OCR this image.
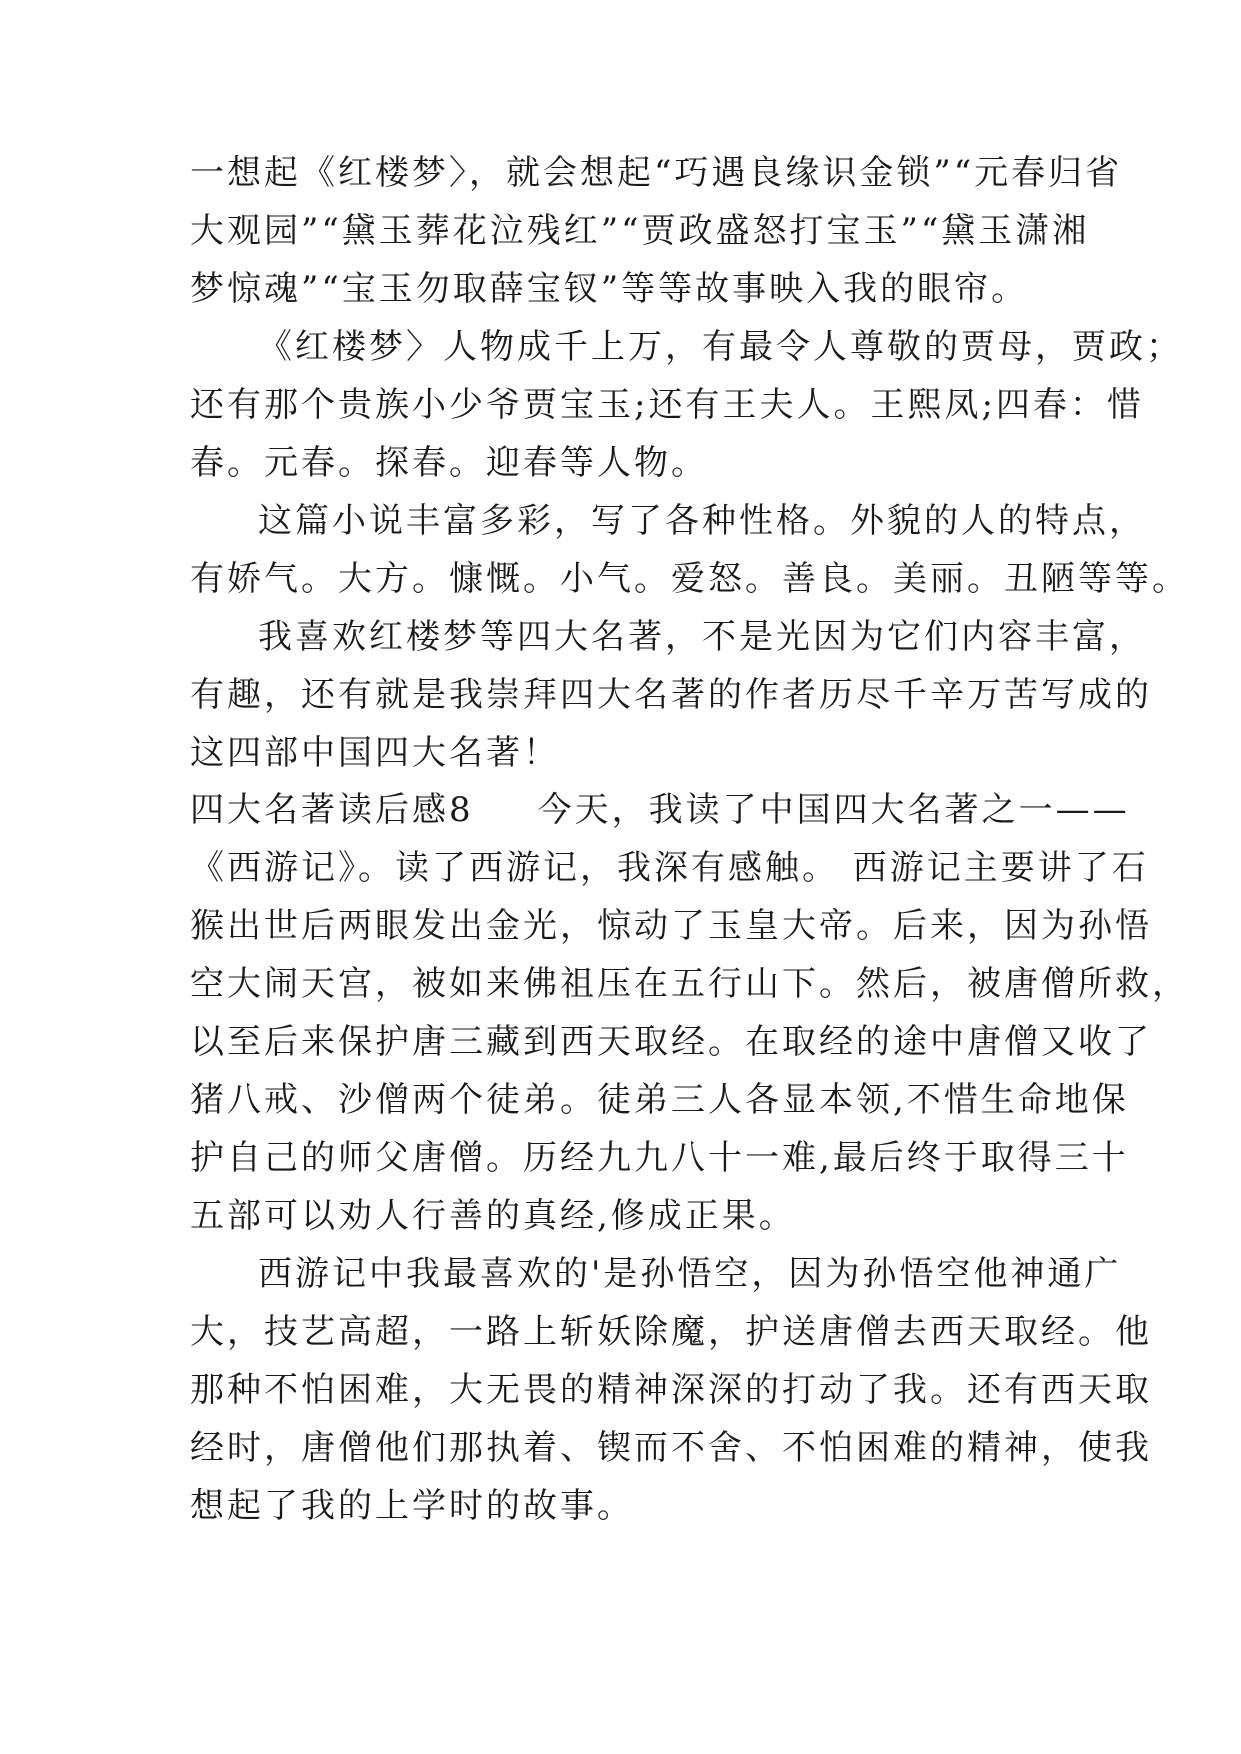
一想起《红楼梦〉，就会想起“巧遇良缘识金锁”“元春归省
大观园”“黛玉葬花泣残红”“贾政盛怒打宝玉”“黛玉潇湘
梦惊魂”“宝玉勿取薛宝钗”等等故事映入我的眼帘。
《红楼梦〉人物成千上万，有最令人尊敬的贾母，贾政；
还有那个贵族小少爷贾宝玉;还有王夫人。王熙凤;四春：惜
春。元春。探春。迎春等人物。
这篇小说丰富多彩，写了各种性格。外貌的人的特点，
有娇气。大方。慷慨。小气。爱怒。善良。美丽。丑陋等等。
我喜欢红楼梦等四大名著，不是光因为它们内容丰富，
有趣，还有就是我崇拜四大名著的作者历尽千辛万苦写成的
这四部中国四大名著！
四大名著读后感8 今天，我读了中国四大名著之一——
《西游记》。读了西游记，我深有感触。 西游记主要讲了石
猴出世后两眼发出金光，惊动了玉皇大帝。后来，因为孙悟
空大闹天宫，被如来佛祖压在五行山下。然后，被唐僧所救，
以至后来保护唐三藏到西天取经。在取经的途中唐僧又收了
猪八戒、沙僧两个徒弟。徒弟三人各显本领,不惜生命地保
护自己的师父唐僧。历经九九八十一难,最后终于取得三十
五部可以劝人行善的真经,修成正果。
西游记中我最喜欢的'是孙悟空，因为孙悟空他神通广
大，技艺高超，一路上斩妖除魔，护送唐僧去西天取经。他
那种不怕困难，大无畏的精神深深的打动了我。还有西天取
经时，唐僧他们那执着、锲而不舍、不怕困难的精神，使我
想起了我的上学时的故事。
